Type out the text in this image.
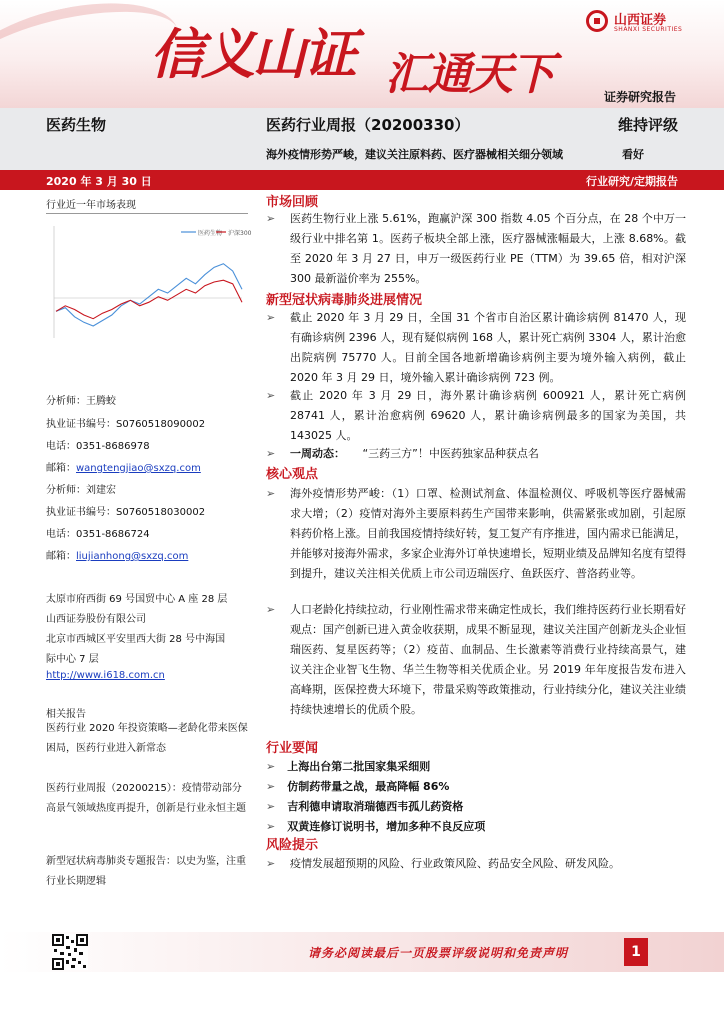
信义山证 汇通天下
山西证券
SHANXI SECURITIES
证券研究报告
医药生物	医药行业周报（20200330）	维持评级
海外疫情形势严峻，建议关注原料药、医疗器械相关细分领域	看好
2020 年 3 月 30 日	行业研究/定期报告
行业近一年市场表现
医药生物 沪深300
分析师：王腾蛟
执业证书编号：S0760518090002
电话：0351-8686978
邮箱：wangtengjiao@sxzq.com
分析师：刘建宏
执业证书编号：S0760518030002
电话：0351-8686724
邮箱：liujianhong@sxzq.com
太原市府西街 69 号国贸中心 A 座 28 层
山西证券股份有限公司
北京市西城区平安里西大街 28 号中海国
际中心 7 层
http://www.i618.com.cn
相关报告
医药行业 2020 年投资策略—老龄化带来医保困局，医药行业进入新常态
医药行业周报（20200215）：疫情带动部分高景气领域热度再提升，创新是行业永恒主题
新型冠状病毒肺炎专题报告：以史为鉴，注重行业长期逻辑
市场回顾
➢ 医药生物行业上涨 5.61%，跑赢沪深 300 指数 4.05 个百分点，在 28 个中万一级行业中排名第 1。医药子板块全部上涨，医疗器械涨幅最大，上涨 8.68%。截至 2020 年 3 月 27 日，申万一级医药行业 PE（TTM）为 39.65 倍，相对沪深 300 最新溢价率为 255%。
新型冠状病毒肺炎进展情况
➢ 截止 2020 年 3 月 29 日，全国 31 个省市自治区累计确诊病例 81470 人，现有确诊病例 2396 人，现有疑似病例 168 人，累计死亡病例 3304 人，累计治愈出院病例 75770 人。目前全国各地新增确诊病例主要为境外输入病例，截止 2020 年 3 月 29 日，境外输入累计确诊病例 723 例。
➢ 截止 2020 年 3 月 29 日，海外累计确诊病例 600921 人，累计死亡病例 28741 人，累计治愈病例 69620 人，累计确诊病例最多的国家为美国，共 143025 人。
➢ 一周动态： “三药三方”！中医药独家品种获点名
核心观点
➢ 海外疫情形势严峻：（1）口罩、检测试剂盒、体温检测仪、呼吸机等医疗器械需求大增；（2）疫情对海外主要原料药生产国带来影响，供需紧张或加剧，引起原料药价格上涨。目前我国疫情持续好转，复工复产有序推进，国内需求已能满足，并能够对接海外需求，多家企业海外订单快速增长，短期业绩及品牌知名度有望得到提升，建议关注相关优质上市公司迈瑞医疗、鱼跃医疗、普洛药业等。
➢ 人口老龄化持续拉动，行业刚性需求带来确定性成长，我们维持医药行业长期看好观点：国产创新已进入黄金收获期，成果不断显现，建议关注国产创新龙头企业恒瑞医药、复星医药等；（2）疫苗、血制品、生长激素等消费行业持续高景气，建议关注企业智飞生物、华兰生物等相关优质企业。另 2019 年年度报告发布进入高峰期，医保控费大环境下，带量采购等政策推动，行业持续分化，建议关注业绩持续快速增长的优质个股。
行业要闻
➢ 上海出台第二批国家集采细则
➢ 仿制药带量之战，最高降幅 86%
➢ 吉利德申请取消瑞德西韦孤儿药资格
➢ 双黄连修订说明书，增加多种不良反应项
风险提示
➢ 疫情发展超预期的风险、行业政策风险、药品安全风险、研发风险。
请务必阅读最后一页股票评级说明和免责声明	1
